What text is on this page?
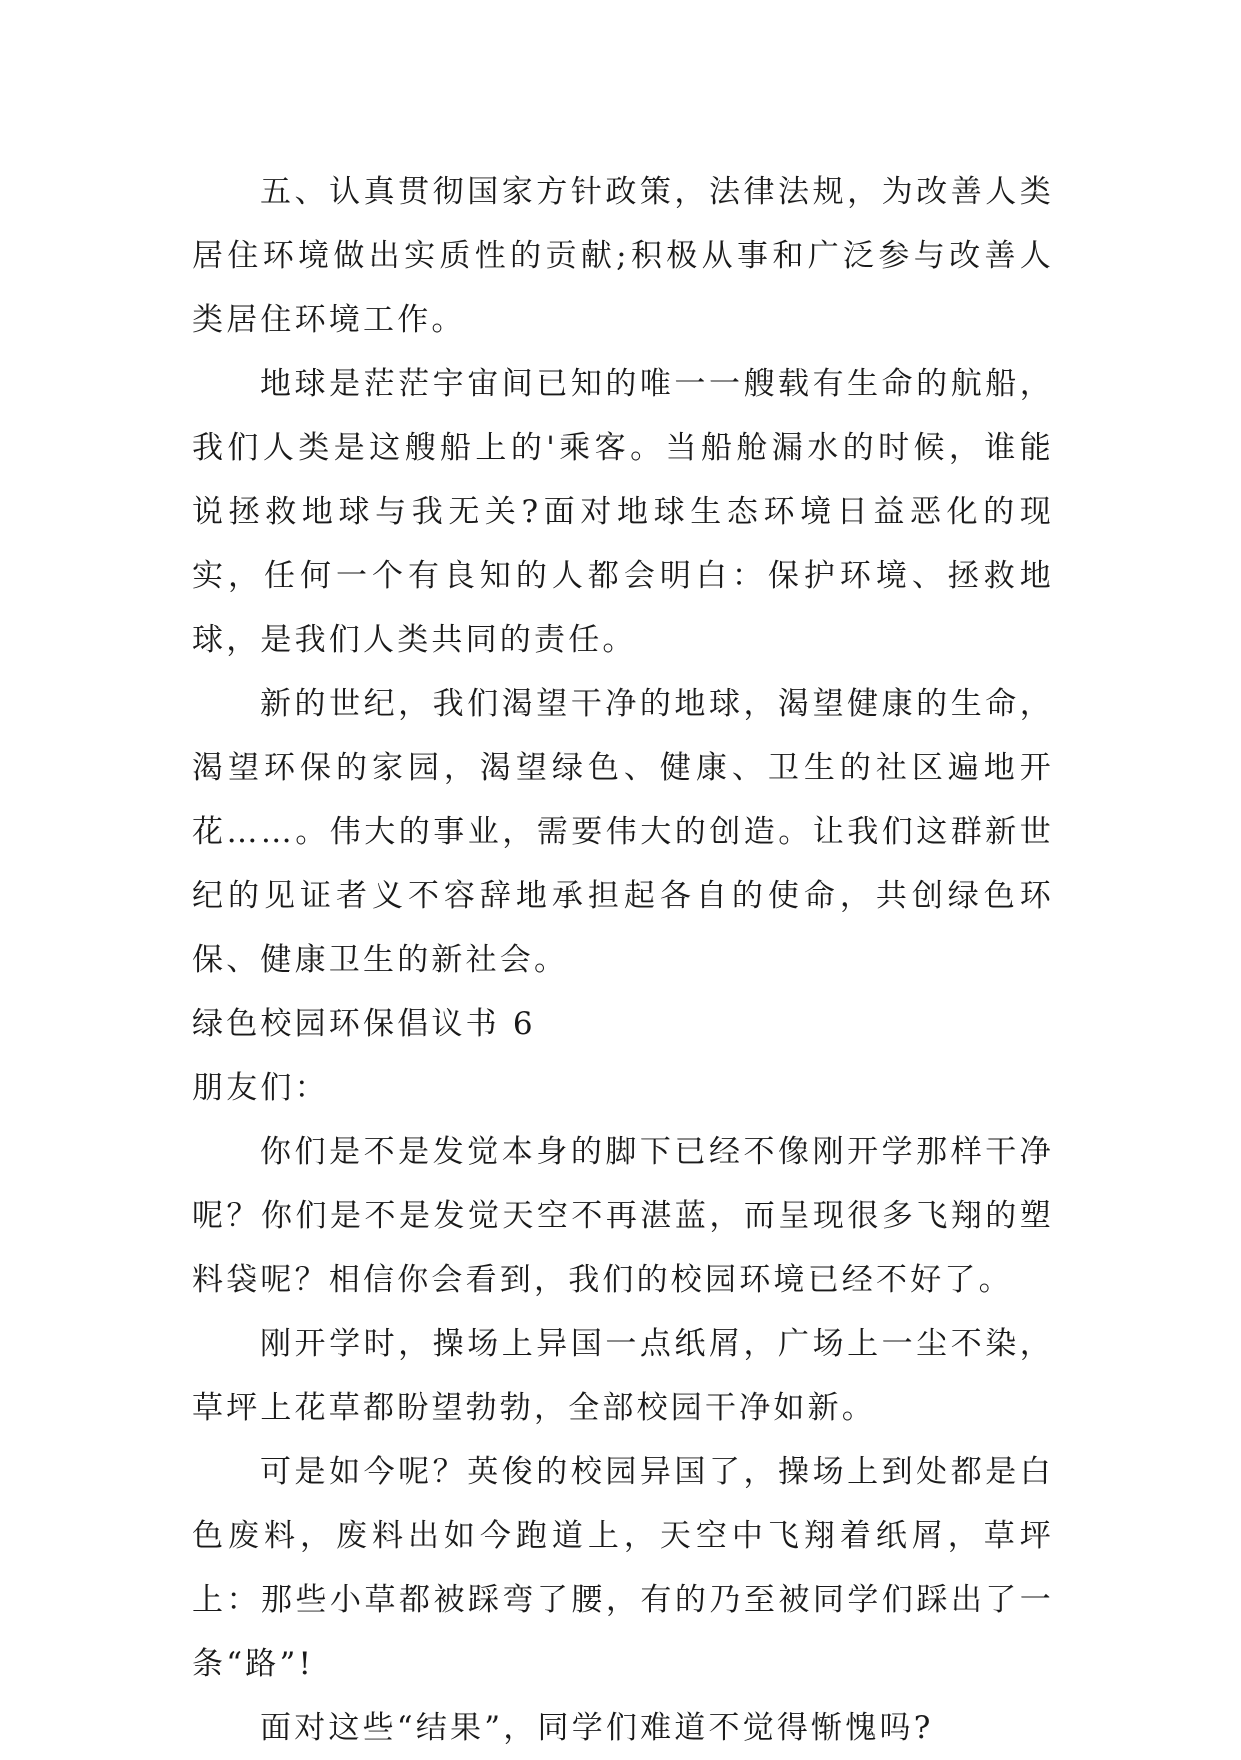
五、认真贯彻国家方针政策，法律法规，为改善人类居住环境做出实质性的贡献;积极从事和广泛参与改善人类居住环境工作。

地球是茫茫宇宙间已知的唯一一艘载有生命的航船，我们人类是这艘船上的'乘客。当船舱漏水的时候，谁能说拯救地球与我无关?面对地球生态环境日益恶化的现实，任何一个有良知的人都会明白：保护环境、拯救地球，是我们人类共同的责任。

新的世纪，我们渴望干净的地球，渴望健康的生命，渴望环保的家园，渴望绿色、健康、卫生的社区遍地开花……。伟大的事业，需要伟大的创造。让我们这群新世纪的见证者义不容辞地承担起各自的使命，共创绿色环保、健康卫生的新社会。

绿色校园环保倡议书 6

朋友们：

你们是不是发觉本身的脚下已经不像刚开学那样干净呢？你们是不是发觉天空不再湛蓝，而呈现很多飞翔的塑料袋呢？相信你会看到，我们的校园环境已经不好了。

刚开学时，操场上异国一点纸屑，广场上一尘不染，草坪上花草都盼望勃勃，全部校园干净如新。

可是如今呢？英俊的校园异国了，操场上到处都是白色废料，废料出如今跑道上，天空中飞翔着纸屑，草坪上：那些小草都被踩弯了腰，有的乃至被同学们踩出了一条“路”!

面对这些“结果”，同学们难道不觉得惭愧吗?
